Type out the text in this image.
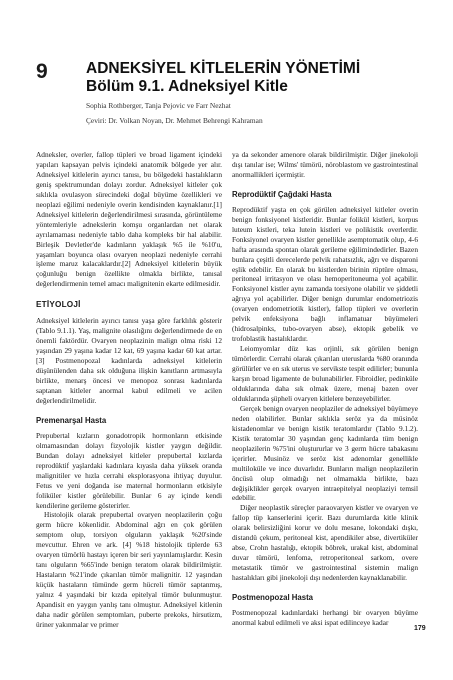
9 ADNEKSİYEL KİTLELERİN YÖNETİMİ
Bölüm 9.1. Adneksiyel Kitle
Sophia Rothberger, Tanja Pejovic ve Farr Nezhat
Çeviri: Dr. Volkan Noyan, Dr. Mehmet Behrengi Kahraman

Adneksler, overler, fallop tüpleri ve broad ligament içindeki yapıları kapsayan pelvis içindeki anatomik bölgede yer alır. Adneksiyel kitlelerin ayırıcı tanısı, bu bölgedeki hastalıkların geniş spektrumundan dolayı zordur. Adneksiyel kitleler çok sıklıkla ovulasyon sürecindeki doğal büyüme özellikleri ve neoplazi eğilimi nedeniyle overin kendisinden kaynaklanır.[1] Adneksiyel kitlelerin değerlendirilmesi sırasında, görüntüleme yöntemleriyle adnekslerin komşu organlardan net olarak ayrılamaması nedeniyle tablo daha kompleks bir hal alabilir. Birleşik Devletler'de kadınların yaklaşık %5 ile %10'u, yaşamları boyunca olası ovaryen neoplazi nedeniyle cerrahi işleme maruz kalacaklardır.[2] Adneksiyel kitlelerin büyük çoğunluğu benign özellikte olmakla birlikte, tanısal değerlendirmenin temel amacı malignitenin ekarte edilmesidir.

ETİYOLOJİ

Adneksiyel kitlelerin ayırıcı tanısı yaşa göre farklılık gösterir (Tablo 9.1.1). Yaş, malignite olasılığını değerlendirmede de en önemli faktördür. Ovaryen neoplazinin malign olma riski 12 yaşından 29 yaşına kadar 12 kat, 69 yaşına kadar 60 kat artar.[3] Postmenopozal kadınlarda adneksiyel kitlelerin düşünülenden daha sık olduğuna ilişkin kanıtların artmasıyla birlikte, menarş öncesi ve menopoz sonrası kadınlarda saptanan kitleler anormal kabul edilmeli ve acilen değerlendirilmelidir.

Premenarşal Hasta

Prepubertal kızların gonadotropik hormonların etkisinde olmamasından dolayı fizyolojik kistler yaygın değildir. Bundan dolayı adneksiyel kitleler prepubertal kızlarda reprodüktif yaşlardaki kadınlara kıyasla daha yüksek oranda malignitiler ve hızla cerrahi eksplorasyona ihtiyaç duyulur. Fetus ve yeni doğanda ise maternal hormonların etkisiyle foliküler kistler görülebilir. Bunlar 6 ay içinde kendi kendilerine gerileme gösterirler.

Histolojik olarak prepubertal ovaryen neoplazilerin çoğu germ hücre kökenlidir. Abdominal ağrı en çok görülen semptom olup, torsiyon olguların yaklaşık %20'sinde mevcuttur. Ehren ve ark. [4] %18 histolojik tiplerde 63 ovaryen tümörlü hastayı içeren bir seri yayınlamışlardır. Kesin tanı olguların %65'inde benign teratom olarak bildirilmiştir. Hastaların %21'inde çıkarılan tümör malignitir. 12 yaşından küçük hastaların tümünde germ hücreli tümör saptanmış, yalnız 4 yaşındaki bir kızda epitelyal tümör bulunmuştur. Apandisit en yaygın yanlış tanı olmuştur. Adneksiyel kitlenin daha nadir görülen semptomları, puberte prekoks, hirsutizm, üriner yakınmalar ve primer

ya da sekonder amenore olarak bildirilmiştir. Diğer jinekoloji dışı tanılar ise; Wilms' tümörü, nöroblastom ve gastrointestinal anormallikleri içermiştir.

Reprodüktif Çağdaki Hasta

Reprodüktif yaşta en çok görülen adneksiyel kitleler overin benign fonksiyonel kistleridir. Bunlar folikül kistleri, korpus luteum kistleri, teka lutein kistleri ve polikistik overlerdir. Fonksiyonel ovaryen kistler genellikle asemptomatik olup, 4-6 hafta arasında spontan olarak gerileme eğilimindedirler. Bazen bunlara çeşitli derecelerde pelvik rahatsızlık, ağrı ve disparoni eşlik edebilir. En olarak bu kistlerden birinin rüptüre olması, peritoneal irritasyon ve olası hemoperitoneuma yol açabilir. Fonksiyonel kistler aynı zamanda torsiyone olabilir ve şiddetli ağrıya yol açabilirler. Diğer benign durumlar endometriozis (ovaryen endometriotik kistler), fallop tüpleri ve overlerin pelvik enfeksiyona bağlı inflamatuar büyümeleri (hidrosalpinks, tubo-ovaryen abse), ektopik gebelik ve trofoblastik hastalıklardır.

Leiomyomlar düz kas orjinli, sık görülen benign tümörlerdir. Cerrahi olarak çıkarılan uteruslarda %80 oranında görülürler ve en sık uterus ve servikste tespit edilirler; bununla karşın broad ligamente de bulunabilirler. Fibroidler, pedinküle olduklarında daha sık olmak üzere, menaj bazen over olduklarında şüpheli ovaryen kitlelere benzeyebilirler.

Gerçek benign ovaryen neoplaziler de adneksiyel büyümeye neden olabilirler. Bunlar sıklıkla seröz ya da müsinöz kistadenomlar ve benign kistik teratomlardır (Tablo 9.1.2). Kistik teratomlar 30 yaşından genç kadınlarda tüm benign neoplazilerin %75'ini oluştururlar ve 3 germ hücre tabakasını içerirler. Musinöz ve seröz kist adenomlar genellikle multiloküle ve ince duvarlıdır. Bunların malign neoplazilerin öncüsü olup olmadığı net olmamakla birlikte, bazı değişiklikler gerçek ovaryen intraepitelyal neoplaziyi temsil edebilir.

Diğer neoplastik süreçler paraovaryen kistler ve ovaryen ve fallop tüp kanserlerini içerir. Bazı durumlarda kitle klinik olarak belirsizliğini korur ve dolu mesane, lokondaki dışkı, distandü çekum, peritoneal kist, apendikiler abse, divertiküler abse, Crohn hastalığı, ektopik böbrek, urakal kist, abdominal duvar tümörü, lenfoma, retroperitoneal sarkom, overe metastatik tümör ve gastrointestinal sistemin malign hastalıkları gibi jinekoloji dışı nedenlerden kaynaklanabilir.

Postmenopozal Hasta

Postmenopozal kadınlardaki herhangi bir ovaryen büyüme anormal kabul edilmeli ve aksi ispat edilinceye kadar

179
